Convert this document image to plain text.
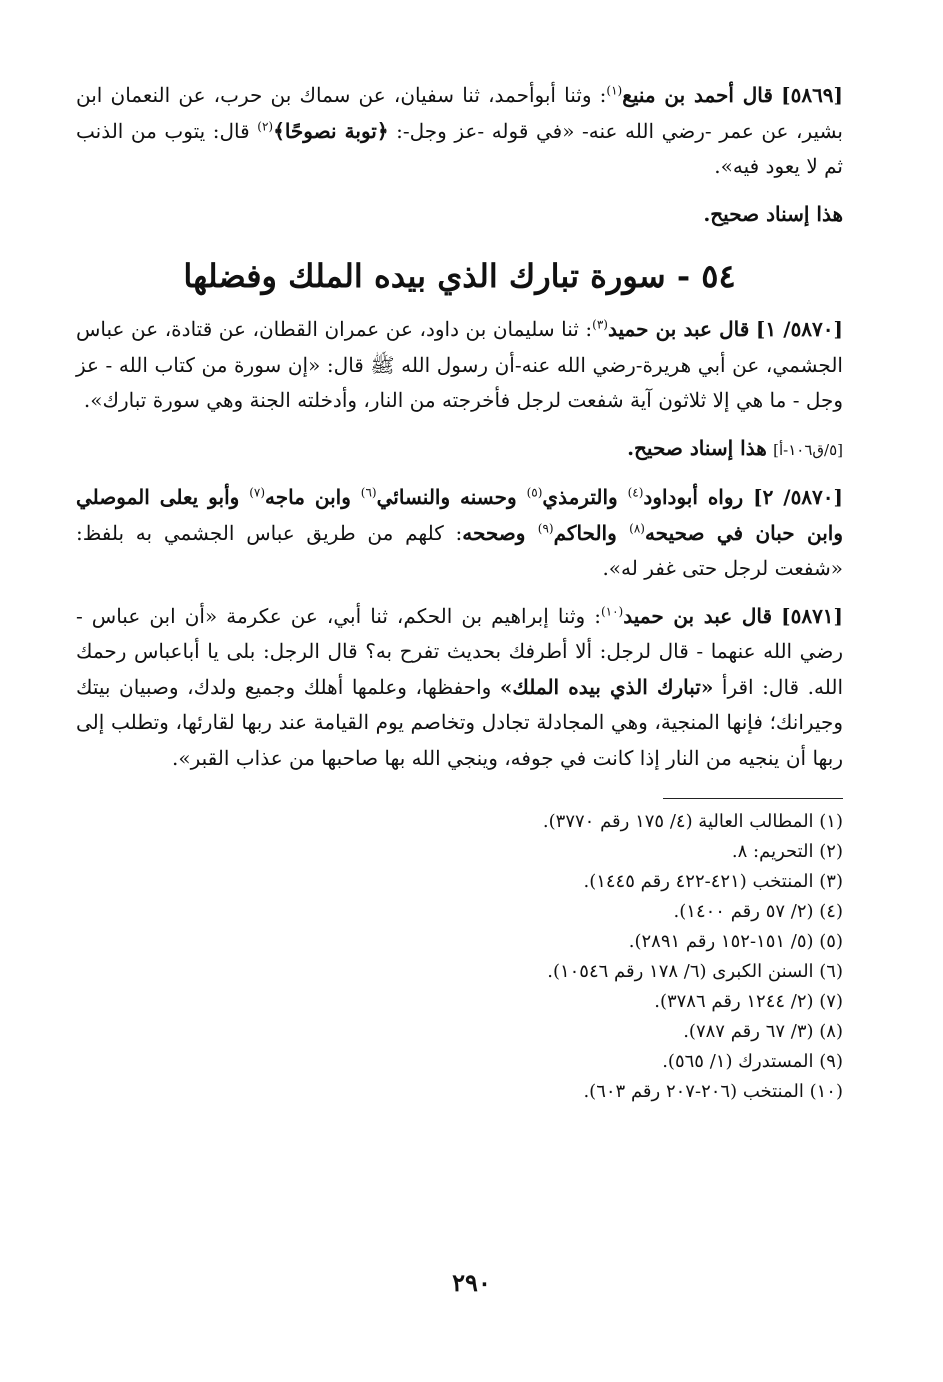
[٥٨٦٩] قال أحمد بن منيع$^{(١)}$: وثنا أبوأحمد، ثنا سفيان، عن سماك بن حرب، عن النعمان ابن بشير، عن عمر -رضي الله عنه- «في قوله -عز وجل-: ﴿توبة نصوحًا﴾$^{(٢)}$ قال: يتوب من الذنب ثم لا يعود فيه».

هذا إسناد صحيح.

٥٤ - سورة تبارك الذي بيده الملك وفضلها

[٥٨٧٠/ ١] قال عبد بن حميد$^{(٣)}$: ثنا سليمان بن داود، عن عمران القطان، عن قتادة، عن عباس الجشمي، عن أبي هريرة-رضي الله عنه-أن رسول الله ﷺ قال: «إن سورة من كتاب الله - عز وجل - ما هي إلا ثلاثون آية شفعت لرجل فأخرجته من النار، وأدخلته الجنة وهي سورة تبارك».

[٥/ق١٠٦-أ] هذا إسناد صحيح.

[٥٨٧٠/ ٢] رواه أبوداود$^{(٤)}$ والترمذي$^{(٥)}$ وحسنه والنسائي$^{(٦)}$ وابن ماجه$^{(٧)}$ وأبو يعلى الموصلي وابن حبان في صحيحه$^{(٨)}$ والحاكم$^{(٩)}$ وصححه: كلهم من طريق عباس الجشمي به بلفظ: «شفعت لرجل حتى غفر له».

[٥٨٧١] قال عبد بن حميد$^{(١٠)}$: وثنا إبراهيم بن الحكم، ثنا أبي، عن عكرمة «أن ابن عباس - رضي الله عنهما - قال لرجل: ألا أطرفك بحديث تفرح به؟ قال الرجل: بلى يا أباعباس رحمك الله. قال: اقرأ «تبارك الذي بيده الملك» واحفظها، وعلمها أهلك وجميع ولدك، وصبيان بيتك وجيرانك؛ فإنها المنجية، وهي المجادلة تجادل وتخاصم يوم القيامة عند ربها لقارئها، وتطلب إلى ربها أن ينجيه من النار إذا كانت في جوفه، وينجي الله بها صاحبها من عذاب القبر».

(١) المطالب العالية (٤/ ١٧٥ رقم ٣٧٧٠).
(٢) التحريم: ٨.
(٣) المنتخب (٤٢١-٤٢٢ رقم ١٤٤٥).
(٤) (٢/ ٥٧ رقم ١٤٠٠).
(٥) (٥/ ١٥١-١٥٢ رقم ٢٨٩١).
(٦) السنن الكبرى (٦/ ١٧٨ رقم ١٠٥٤٦).
(٧) (٢/ ١٢٤٤ رقم ٣٧٨٦).
(٨) (٣/ ٦٧ رقم ٧٨٧).
(٩) المستدرك (١/ ٥٦٥).
(١٠) المنتخب (٢٠٦-٢٠٧ رقم ٦٠٣).
٢٩٠
